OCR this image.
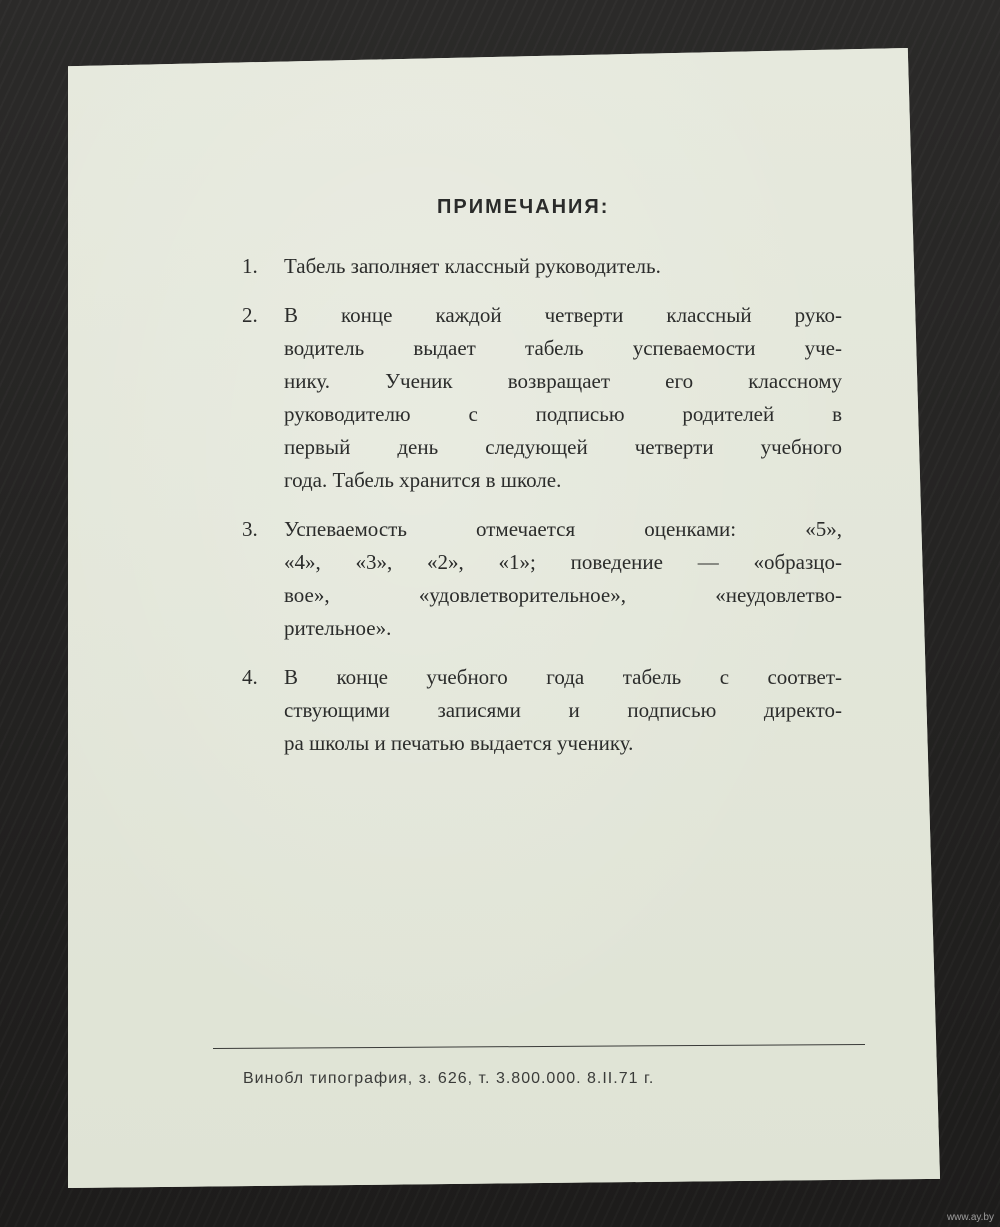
ПРИМЕЧАНИЯ:
1. Табель заполняет классный руководитель.
2. В конце каждой четверти классный руко-
водитель выдает табель успеваемости уче-
нику. Ученик возвращает его классному
руководителю с подписью родителей в
первый день следующей четверти учебного
года. Табель хранится в школе.
3. Успеваемость отмечается оценками: «5»,
«4», «3», «2», «1»; поведение — «образцо-
вое», «удовлетворительное», «неудовлетво-
рительное».
4. В конце учебного года табель с соответ-
ствующими записями и подписью директо-
ра школы и печатью выдается ученику.
Винобл типография, з. 626, т. 3.800.000. 8.II.71 г.
www.ay.by
